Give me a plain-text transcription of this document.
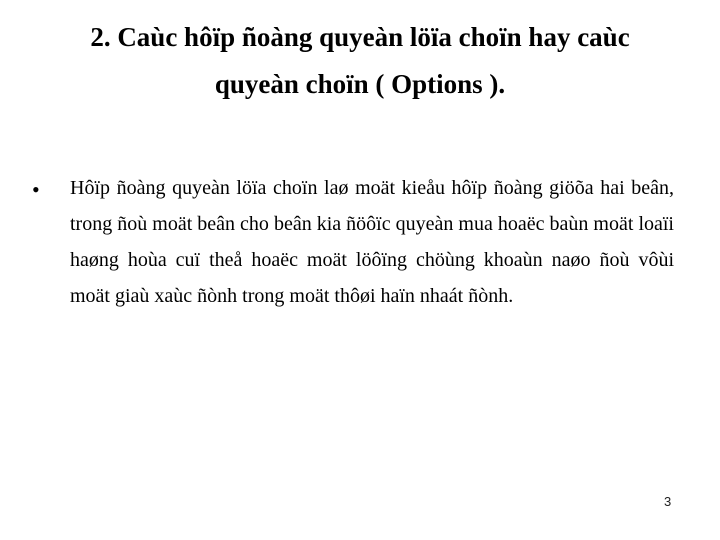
2. Caùc hôïp ñoàng quyeàn löïa choïn hay caùc
quyeàn choïn ( Options ).
• Hôïp ñoàng quyeàn löïa choïn laø moät kieåu hôïp ñoàng giöõa hai beân, trong ñoù moät beân cho beân kia ñöôïc quyeàn mua hoaëc baùn moät loaïi haøng hoùa cuï theå hoaëc moät löôïng chöùng khoaùn naøo ñoù vôùi moät giaù xaùc ñònh trong moät thôøi haïn nhaát ñònh.
3
